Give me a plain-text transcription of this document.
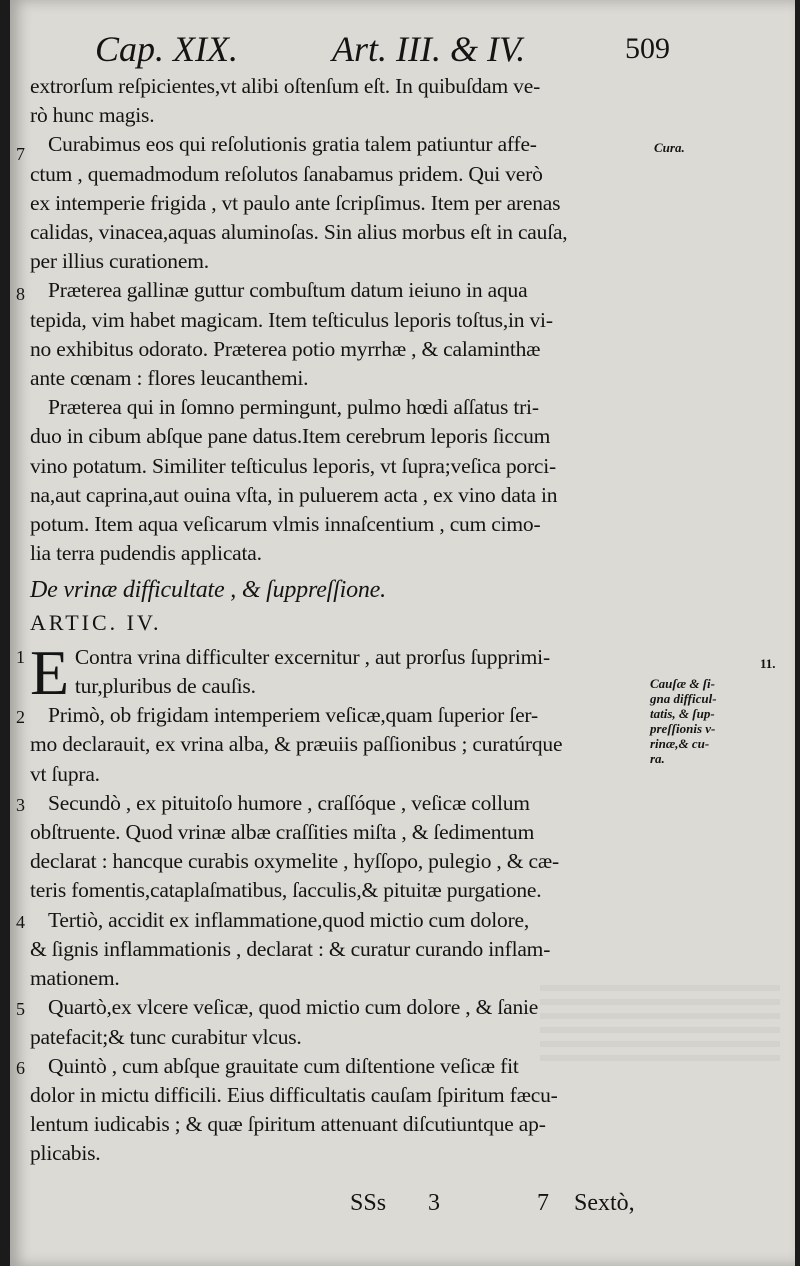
Cap. XIX.	Art. III. & IV.	509

extrorſum reſpicientes,vt alibi oſtenſum eſt. In quibuſdam ve-

rò hunc magis.

7 Curabimus eos qui reſolutionis gratia talem patiuntur affe-

ctum , quemadmodum reſolutos ſanabamus pridem. Qui verò

ex intemperie frigida , vt paulo ante ſcripſimus. Item per arenas

calidas, vinacea,aquas aluminoſas. Sin alius morbus eſt in cauſa,

per illius curationem.

8 Præterea gallinæ guttur combuſtum datum ieiuno in aqua

tepida, vim habet magicam. Item teſticulus leporis toſtus,in vi-

no exhibitus odorato. Præterea potio myrrhæ , & calaminthæ

ante cœnam : flores leucanthemi.

Præterea qui in ſomno permingunt, pulmo hœdi aſſatus tri-

duo in cibum abſque pane datus.Item cerebrum leporis ſiccum

vino potatum. Similiter teſticulus leporis, vt ſupra;veſica porci-

na,aut caprina,aut ouina vſta, in puluerem acta , ex vino data in

potum. Item aqua veſicarum vlmis innaſcentium , cum cimo-

lia terra pudendis applicata.

De vrinæ difficultate , & ſuppreſſione.

ARTIC. IV.

1 E Contra vrina difficulter excernitur , aut prorſus ſupprimi-

tur,pluribus de cauſis.

2 Primò, ob frigidam intemperiem veſicæ,quam ſuperior ſer-

mo declarauit, ex vrina alba, & præuiis paſſionibus ; curatúrque

vt ſupra.

3 Secundò , ex pituitoſo humore , craſſóque , veſicæ collum

obſtruente. Quod vrinæ albæ craſſities miſta , & ſedimentum

declarat : hancque curabis oxymelite , hyſſopo, pulegio , & cæ-

teris fomentis,cataplaſmatibus, ſacculis,& pituitæ purgatione.

4 Tertiò, accidit ex inflammatione,quod mictio cum dolore,

& ſignis inflammationis , declarat : & curatur curando inflam-

mationem.

5 Quartò,ex vlcere veſicæ, quod mictio cum dolore , & ſanie

patefacit;& tunc curabitur vlcus.

6 Quintò , cum abſque grauitate cum diſtentione veſicæ fit

dolor in mictu difficili. Eius difficultatis cauſam ſpiritum fæcu-

lentum iudicabis ; & quæ ſpiritum attenuant diſcutiuntque ap-

plicabis.

Cura.
11.
Cauſæ & ſi-
gna difficul-
tatis, & ſup-
preſſionis v-
rinæ,& cu-
ra.
SSs 3	7 Sextò,
